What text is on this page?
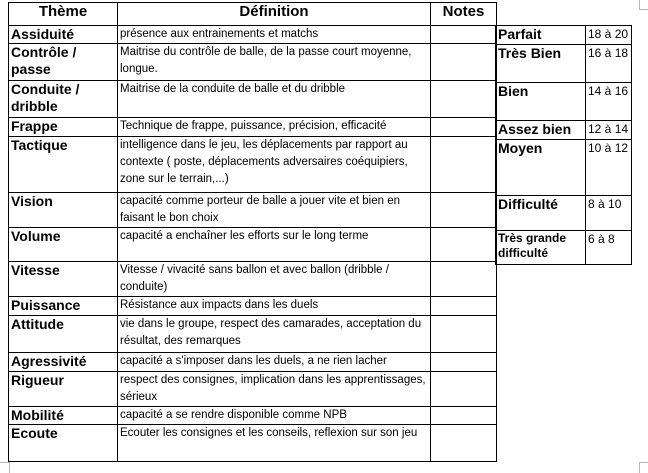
Thème	Définition	Notes
Assiduité	présence aux entrainements et matchs	
Contrôle / passe	Maitrise du contrôle de balle, de la passe court moyenne, longue.	
Conduite / dribble	Maitrise de la conduite de balle et du dribble	
Frappe	Technique de frappe, puissance, précision, efficacité	
Tactique	intelligence dans le jeu, les déplacements par rapport au contexte ( poste, déplacements adversaires coéquipiers, zone sur le terrain,...)	
Vision	capacité comme porteur de balle a jouer vite et bien en faisant le bon choix	
Volume	capacité a enchaîner les efforts sur le long terme	
Vitesse	Vitesse / vivacité sans ballon et avec ballon (dribble / conduite)	
Puissance	Résistance aux impacts dans les duels	
Attitude	vie dans le groupe, respect des camarades, acceptation du résultat, des remarques	
Agressivité	capacité a s'imposer dans les duels, a ne rien lacher	
Rigueur	respect des consignes, implication dans les apprentissages, sérieux	
Mobilité	capacité a se rendre disponible comme NPB	
Ecoute	Ecouter les consignes et les conseils, reflexion sur son jeu	
Parfait	18 à 20
Très Bien	16 à 18
Bien	14 à 16
Assez bien	12 à 14
Moyen	10 à 12
Difficulté	8 à 10
Très grande difficulté	6 à 8
